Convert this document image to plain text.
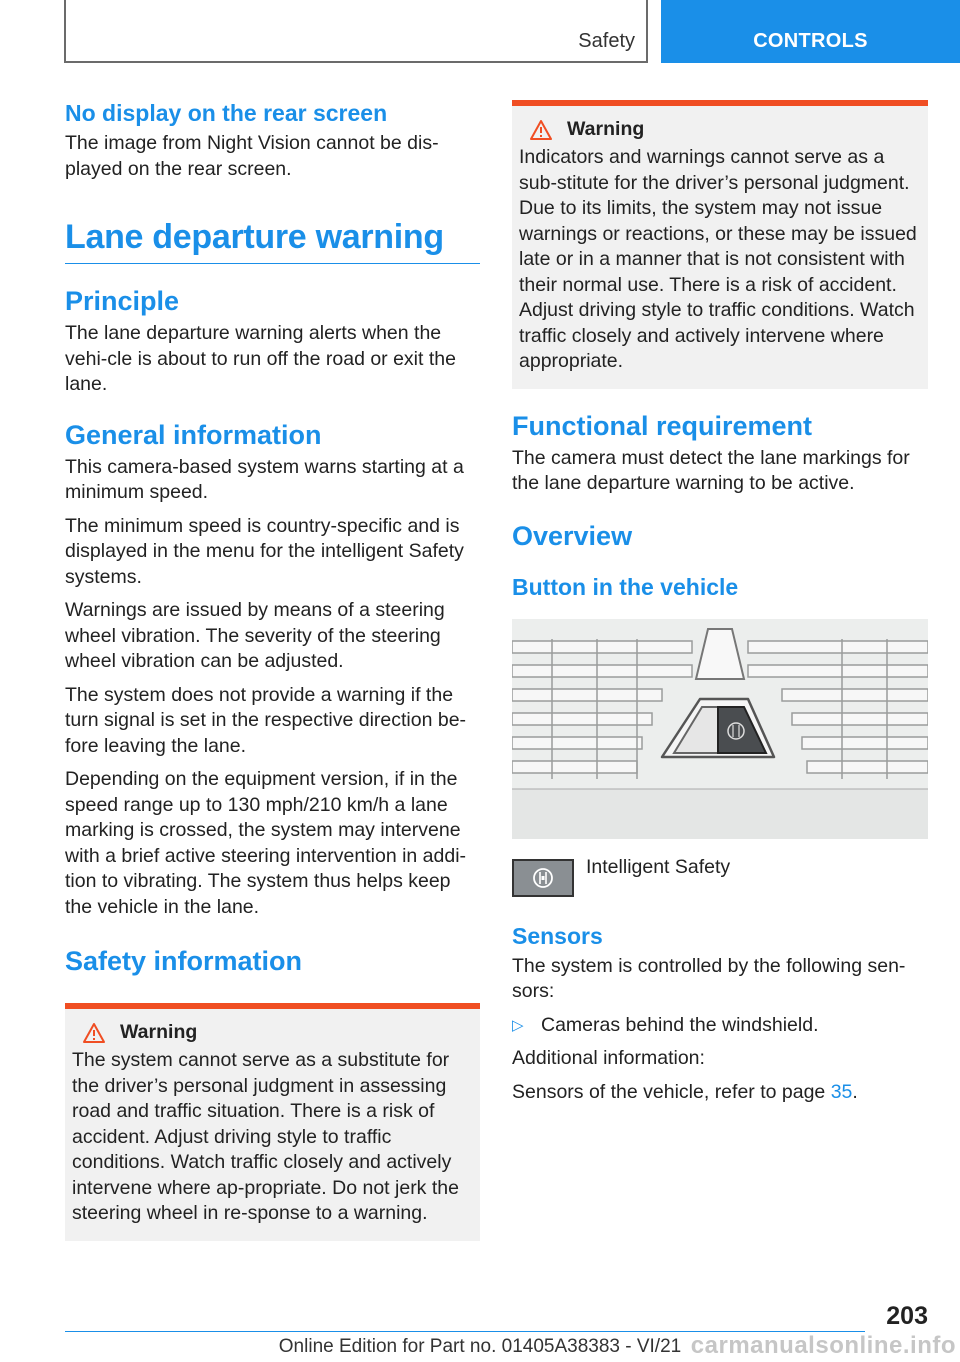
Safety	CONTROLS
No display on the rear screen

The image from Night Vision cannot be dis‐played on the rear screen.

Lane departure warning
Principle

The lane departure warning alerts when the vehi‐cle is about to run off the road or exit the lane.

General information

This camera-based system warns starting at a minimum speed.

The minimum speed is country-specific and is displayed in the menu for the intelligent Safety systems.

Warnings are issued by means of a steering wheel vibration. The severity of the steering wheel vibration can be adjusted.

The system does not provide a warning if the turn signal is set in the respective direction be‐fore leaving the lane.

Depending on the equipment version, if in the speed range up to 130 mph/210 km/h a lane marking is crossed, the system may intervene with a brief active steering intervention in addi‐tion to vibrating. The system thus helps keep the vehicle in the lane.

Safety information
Warning

The system cannot serve as a substitute for the driver’s personal judgment in assessing road and traffic situation. There is a risk of accident. Adjust driving style to traffic conditions. Watch traffic closely and actively intervene where ap‐propriate. Do not jerk the steering wheel in re‐sponse to a warning.

Warning

Indicators and warnings cannot serve as a sub‐stitute for the driver’s personal judgment. Due to its limits, the system may not issue warnings or reactions, or these may be issued late or in a manner that is not consistent with their normal use. There is a risk of accident. Adjust driving style to traffic conditions. Watch traffic closely and actively intervene where appropriate.

Functional requirement

The camera must detect the lane markings for the lane departure warning to be active.

Overview
Button in the vehicle
Intelligent Safety
Sensors

The system is controlled by the following sen‐sors:

▷ Cameras behind the windshield.

Additional information:

Sensors of the vehicle, refer to page 35.

203
Online Edition for Part no. 01405A38383 - VI/21 carmanualsonline.info
